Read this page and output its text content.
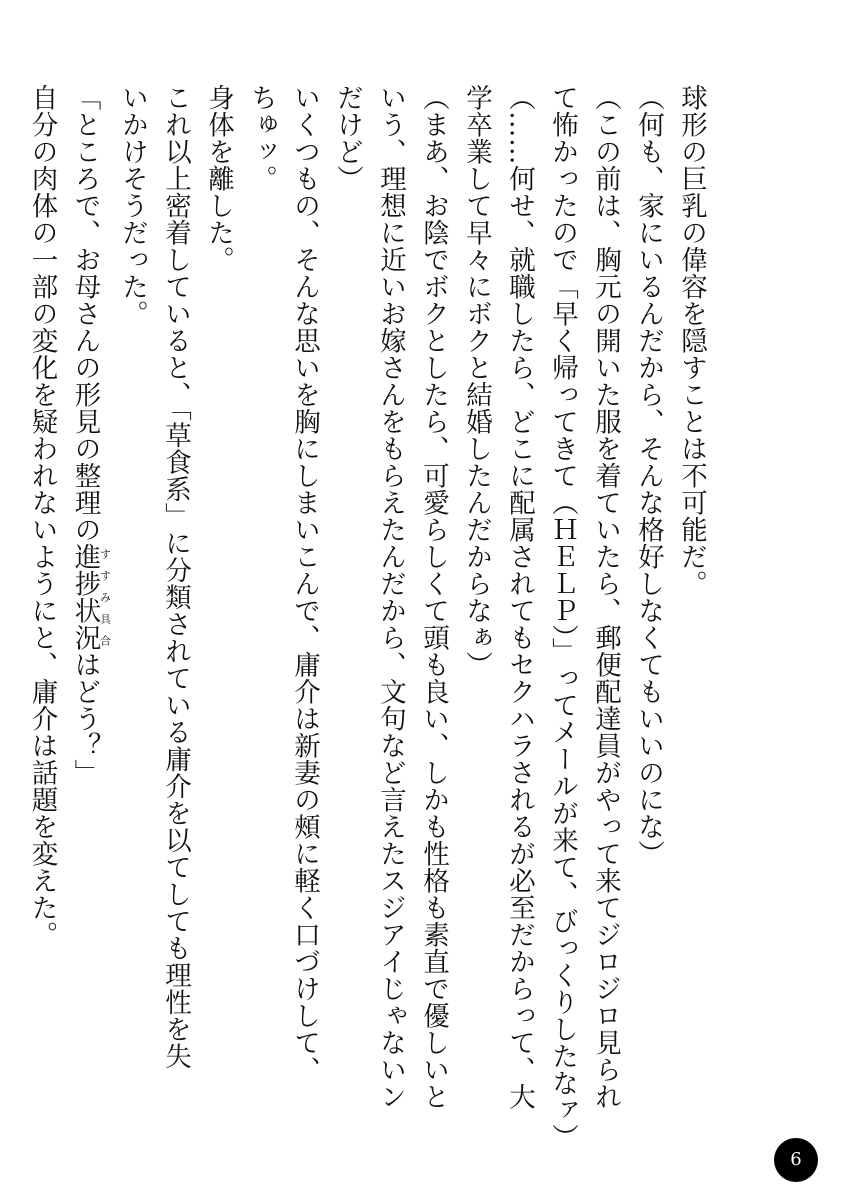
球形の巨乳の偉容を隠すことは不可能だ。
（何も、家にいるんだから、そんな格好しなくてもいいのにな）
（この前は、胸元の開いた服を着ていたら、郵便配達員がやって来てジロジロ見られ
て怖かったので「早く帰ってきて（ＨＥＬＰ）」ってメールが来て、びっくりしたなァ）
（……何せ、就職したら、どこに配属されてもセクハラされるが必至だからって、大
学卒業して早々にボクと結婚したんだからなぁ）
（まあ、お陰でボクとしたら、可愛らしくて頭も良い、しかも性格も素直で優しいと
いう、理想に近いお嫁さんをもらえたんだから、文句など言えたスジアイじゃないン
だけど）
いくつもの、そんな思いを胸にしまいこんで、庸介は新妻の頰に軽く口づけして、
ちゅッ。
身体を離した。
これ以上密着していると、「草食系」に分類されている庸介を以てしても理性を失
いかけそうだった。
「ところで、お母さんの形見の整理の進捗状況すすみ具合はどう？」
自分の肉体の一部の変化を疑われないようにと、庸介は話題を変えた。
6
